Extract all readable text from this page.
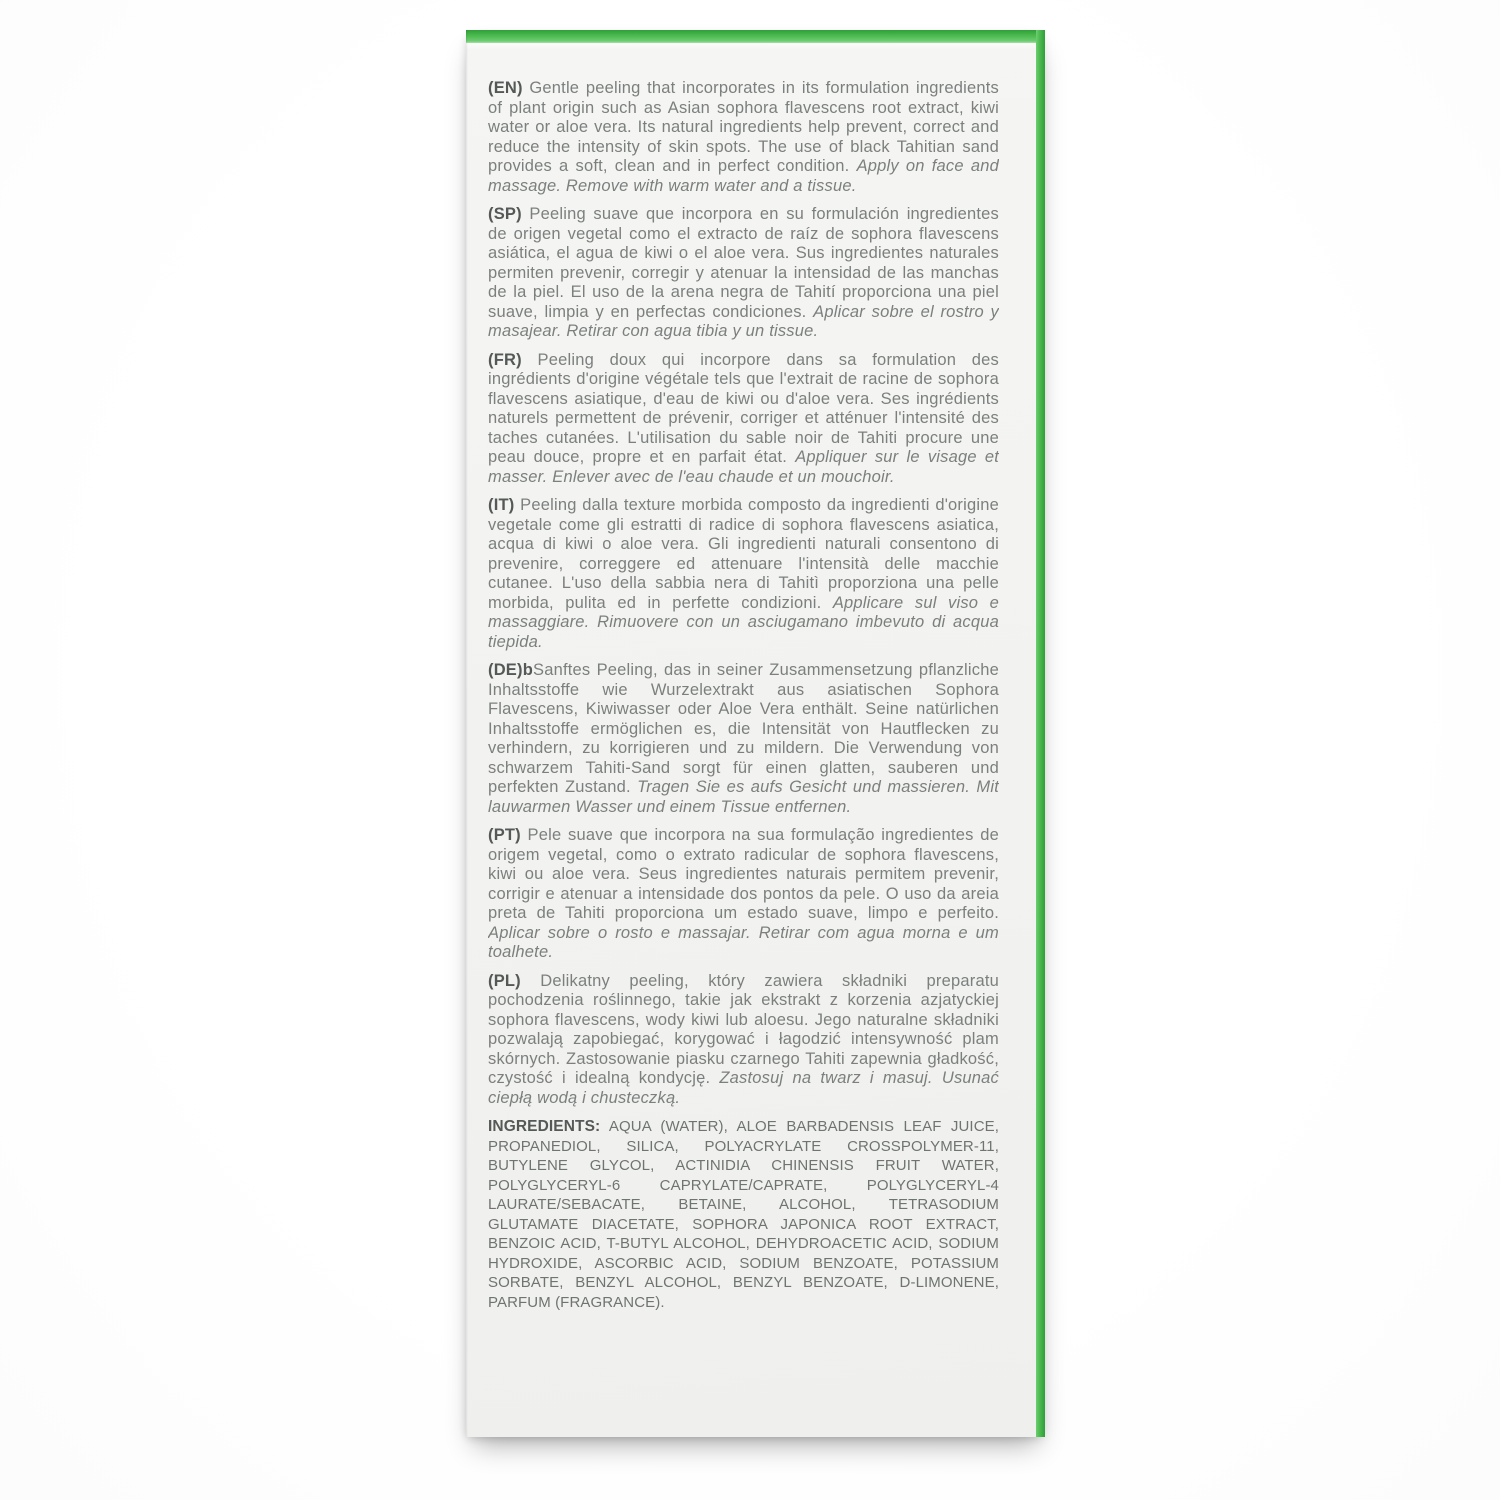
(EN) Gentle peeling that incorporates in its formulation ingredients of plant origin such as Asian sophora flavescens root extract, kiwi water or aloe vera. Its natural ingredients help prevent, correct and reduce the intensity of skin spots. The use of black Tahitian sand provides a soft, clean and in perfect condition. Apply on face and massage. Remove with warm water and a tissue.

(SP) Peeling suave que incorpora en su formulación ingredientes de origen vegetal como el extracto de raíz de sophora flavescens asiática, el agua de kiwi o el aloe vera. Sus ingredientes naturales permiten prevenir, corregir y atenuar la intensidad de las manchas de la piel. El uso de la arena negra de Tahití proporciona una piel suave, limpia y en perfectas condiciones. Aplicar sobre el rostro y masajear. Retirar con agua tibia y un tissue.

(FR) Peeling doux qui incorpore dans sa formulation des ingrédients d'origine végétale tels que l'extrait de racine de sophora flavescens asiatique, d'eau de kiwi ou d'aloe vera. Ses ingrédients naturels permettent de prévenir, corriger et atténuer l'intensité des taches cutanées. L'utilisation du sable noir de Tahiti procure une peau douce, propre et en parfait état. Appliquer sur le visage et masser. Enlever avec de l'eau chaude et un mouchoir.

(IT) Peeling dalla texture morbida composto da ingredienti d'origine vegetale come gli estratti di radice di sophora flavescens asiatica, acqua di kiwi o aloe vera. Gli ingredienti naturali consentono di prevenire, correggere ed attenuare l'intensità delle macchie cutanee. L'uso della sabbia nera di Tahitì proporziona una pelle morbida, pulita ed in perfette condizioni. Applicare sul viso e massaggiare. Rimuovere con un asciugamano imbevuto di acqua tiepida.

(DE)bSanftes Peeling, das in seiner Zusammensetzung pflanzliche Inhaltsstoffe wie Wurzelextrakt aus asiatischen Sophora Flavescens, Kiwiwasser oder Aloe Vera enthält. Seine natürlichen Inhaltsstoffe ermöglichen es, die Intensität von Hautflecken zu verhindern, zu korrigieren und zu mildern. Die Verwendung von schwarzem Tahiti-Sand sorgt für einen glatten, sauberen und perfekten Zustand. Tragen Sie es aufs Gesicht und massieren. Mit lauwarmen Wasser und einem Tissue entfernen.

(PT) Pele suave que incorpora na sua formulação ingredientes de origem vegetal, como o extrato radicular de sophora flavescens, kiwi ou aloe vera. Seus ingredientes naturais permitem prevenir, corrigir e atenuar a intensidade dos pontos da pele. O uso da areia preta de Tahiti proporciona um estado suave, limpo e perfeito. Aplicar sobre o rosto e massajar. Retirar com agua morna e um toalhete.

(PL) Delikatny peeling, który zawiera składniki preparatu pochodzenia roślinnego, takie jak ekstrakt z korzenia azjatyckiej sophora flavescens, wody kiwi lub aloesu. Jego naturalne składniki pozwalają zapobiegać, korygować i łagodzić intensywność plam skórnych. Zastosowanie piasku czarnego Tahiti zapewnia gładkość, czystość i idealną kondycję. Zastosuj na twarz i masuj. Usunać ciepłą wodą i chusteczką.

INGREDIENTS: AQUA (WATER), ALOE BARBADENSIS LEAF JUICE, PROPANEDIOL, SILICA, POLYACRYLATE CROSSPOLYMER-11, BUTYLENE GLYCOL, ACTINIDIA CHINENSIS FRUIT WATER, POLYGLYCERYL-6 CAPRYLATE/CAPRATE, POLYGLYCERYL-4 LAURATE/SEBACATE, BETAINE, ALCOHOL, TETRASODIUM GLUTAMATE DIACETATE, SOPHORA JAPONICA ROOT EXTRACT, BENZOIC ACID, T-BUTYL ALCOHOL, DEHYDROACETIC ACID, SODIUM HYDROXIDE, ASCORBIC ACID, SODIUM BENZOATE, POTASSIUM SORBATE, BENZYL ALCOHOL, BENZYL BENZOATE, D-LIMONENE, PARFUM (FRAGRANCE).
